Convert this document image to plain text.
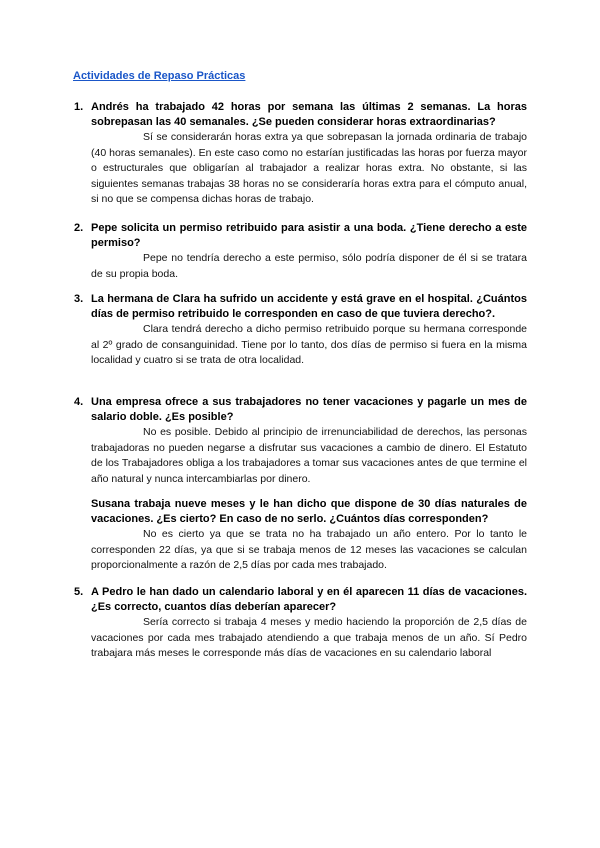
Actividades de Repaso Prácticas
1. Andrés ha trabajado 42 horas por semana las últimas 2 semanas. La horas sobrepasan las 40 semanales. ¿Se pueden considerar horas extraordinarias?

Sí se considerarán horas extra ya que sobrepasan la jornada ordinaria de trabajo (40 horas semanales). En este caso como no estarían justificadas las horas por fuerza mayor o estructurales que obligarían al trabajador a realizar horas extra. No obstante, si las siguientes semanas trabajas 38 horas no se consideraría horas extra para el cómputo anual, si no que se compensa dichas horas de trabajo.

2. Pepe solicita un permiso retribuido para asistir a una boda. ¿Tiene derecho a este permiso?

Pepe no tendría derecho a este permiso, sólo podría disponer de él si se tratara de su propia boda.

3. La hermana de Clara ha sufrido un accidente y está grave en el hospital. ¿Cuántos días de permiso retribuido le corresponden en caso de que tuviera derecho?.

Clara tendrá derecho a dicho permiso retribuido porque su hermana corresponde al 2º grado de consanguinidad. Tiene por lo tanto, dos días de permiso si fuera en la misma localidad y cuatro si se trata de otra localidad.

4. Una empresa ofrece a sus trabajadores no tener vacaciones y pagarle un mes de salario doble. ¿Es posible?

No es posible. Debido al principio de irrenunciabilidad de derechos, las personas trabajadoras no pueden negarse a disfrutar sus vacaciones a cambio de dinero. El Estatuto de los Trabajadores obliga a los trabajadores a tomar sus vacaciones antes de que termine el año natural y nunca intercambiarlas por dinero.

Susana trabaja nueve meses y le han dicho que dispone de 30 días naturales de vacaciones. ¿Es cierto? En caso de no serlo. ¿Cuántos días corresponden?

No es cierto ya que se trata no ha trabajado un año entero. Por lo tanto le corresponden 22 días, ya que si se trabaja menos de 12 meses las vacaciones se calculan proporcionalmente a razón de 2,5 días por cada mes trabajado.

5. A Pedro le han dado un calendario laboral y en él aparecen 11 días de vacaciones. ¿Es correcto, cuantos días deberían aparecer?

Sería correcto si trabaja 4 meses y medio haciendo la proporción de 2,5 días de vacaciones por cada mes trabajado atendiendo a que trabaja menos de un año. Sí Pedro trabajara más meses le corresponde más días de vacaciones en su calendario laboral
